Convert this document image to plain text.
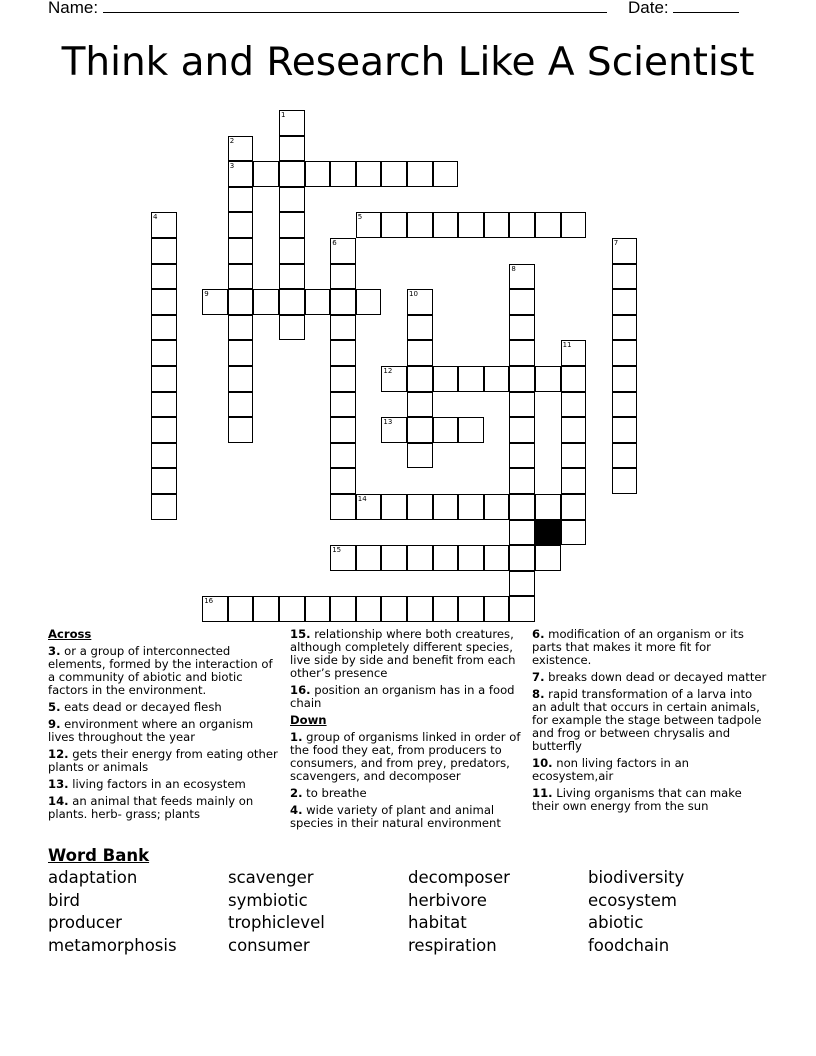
Name:	Date:
Think and Research Like A Scientist
1
2
3
4	5
6	7
8
9	10
11
12
13
14
15
16

Across

3. or a group of interconnected elements, formed by the interaction of a community of abiotic and biotic factors in the environment.

5. eats dead or decayed flesh

9. environment where an organism lives throughout the year

12. gets their energy from eating other plants or animals

13. living factors in an ecosystem

14. an animal that feeds mainly on plants. herb- grass; plants

15. relationship where both creatures, although completely different species, live side by side and benefit from each other’s presence

16. position an organism has in a food chain

Down

1. group of organisms linked in order of the food they eat, from producers to consumers, and from prey, predators, scavengers, and decomposer

2. to breathe

4. wide variety of plant and animal species in their natural environment

6. modification of an organism or its parts that makes it more fit for existence.

7. breaks down dead or decayed matter

8. rapid transformation of a larva into an adult that occurs in certain animals, for example the stage between tadpole and frog or between chrysalis and butterfly

10. non living factors in an ecosystem,air

11. Living organisms that can make their own energy from the sun

Word Bank
adaptation
bird
producer
metamorphosis
scavenger
symbiotic
trophiclevel
consumer
decomposer
herbivore
habitat
respiration
biodiversity
ecosystem
abiotic
foodchain
